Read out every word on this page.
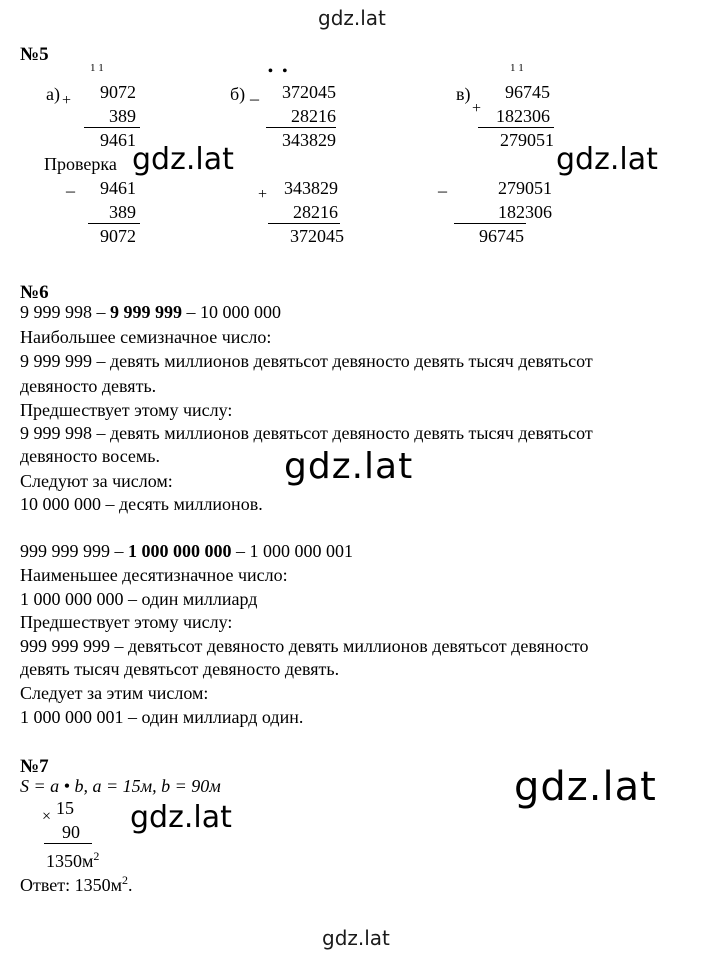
gdz.lat
№5
1 1
а) +	9072
389
9461
• •
б) _	372045
28216
343829
1 1
в)
+
96745
182306
279051
Проверка
_	9461
389
9072
+ 343829
28216
372045
_	279051
182306
96745
gdz.lat	gdz.lat
№6
9 999 998 – 9 999 999 – 10 000 000
Наибольшее семизначное число:
9 999 999 – девять миллионов девятьсот девяносто девять тысяч девятьсот
девяносто девять.
Предшествует этому числу:
9 999 998 – девять миллионов девятьсот девяносто девять тысяч девятьсот
девяносто восемь.
Следуют за числом:
10 000 000 – десять миллионов.
gdz.lat
999 999 999 – 1 000 000 000 – 1 000 000 001
Наименьшее десятизначное число:
1 000 000 000 – один миллиард
Предшествует этому числу:
999 999 999 – девятьсот девяносто девять миллионов девятьсот девяносто
девять тысяч девятьсот девяносто девять.
Следует за этим числом:
1 000 000 001 – один миллиард один.
№7
S = a • b, a = 15м, b = 90м
× 15
90
$1350м^2$
Ответ: $1350м^2$.
gdz.lat
gdz.lat
gdz.lat
